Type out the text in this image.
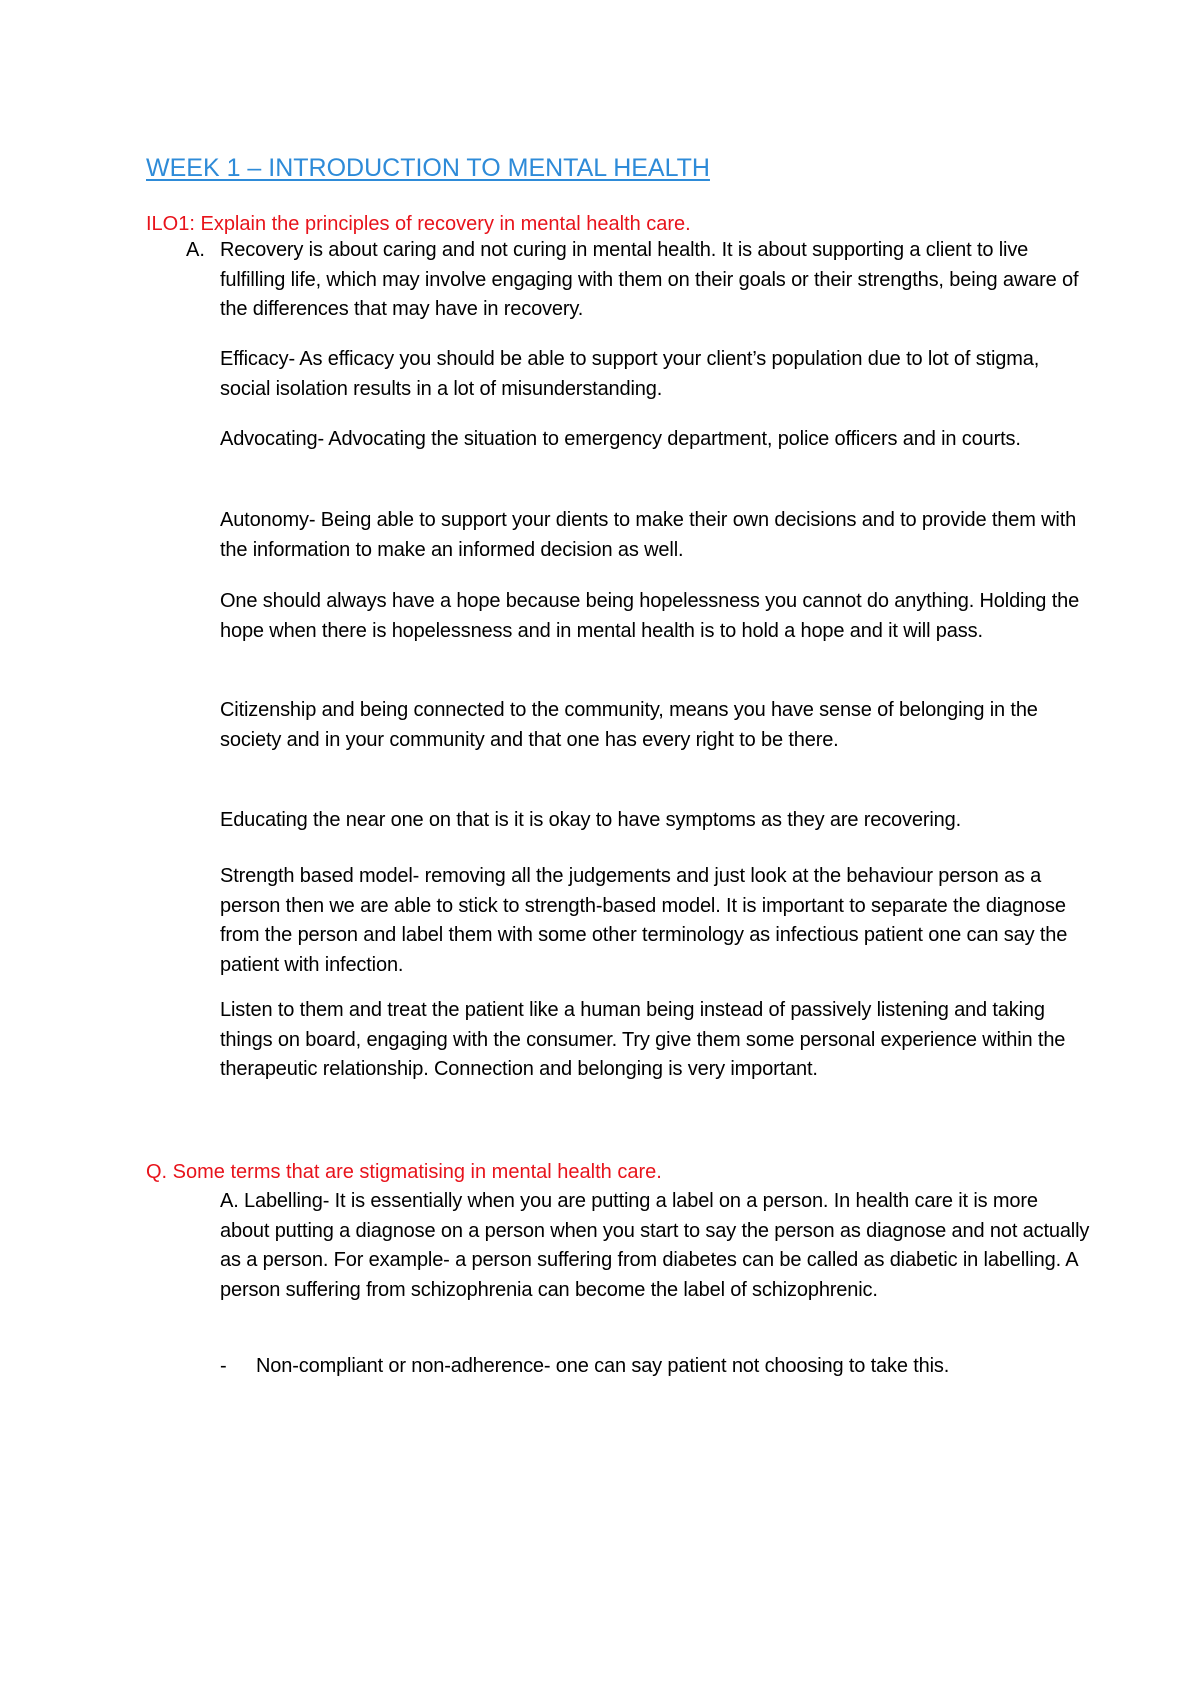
WEEK 1 – INTRODUCTION TO MENTAL HEALTH

ILO1: Explain the principles of recovery in mental health care.

A. Recovery is about caring and not curing in mental health. It is about supporting a client to live fulfilling life, which may involve engaging with them on their goals or their strengths, being aware of the differences that may have in recovery.

Efficacy- As efficacy you should be able to support your client’s population due to lot of stigma, social isolation results in a lot of misunderstanding.

Advocating- Advocating the situation to emergency department, police officers and in courts.

Autonomy- Being able to support your dients to make their own decisions and to provide them with the information to make an informed decision as well.

One should always have a hope because being hopelessness you cannot do anything. Holding the hope when there is hopelessness and in mental health is to hold a hope and it will pass.

Citizenship and being connected to the community, means you have sense of belonging in the society and in your community and that one has every right to be there.

Educating the near one on that is it is okay to have symptoms as they are recovering.

Strength based model- removing all the judgements and just look at the behaviour person as a person then we are able to stick to strength-based model. It is important to separate the diagnose from the person and label them with some other terminology as infectious patient one can say the patient with infection.

Listen to them and treat the patient like a human being instead of passively listening and taking things on board, engaging with the consumer. Try give them some personal experience within the therapeutic relationship. Connection and belonging is very important.

Q. Some terms that are stigmatising in mental health care.

A. Labelling- It is essentially when you are putting a label on a person. In health care it is more about putting a diagnose on a person when you start to say the person as diagnose and not actually as a person. For example- a person suffering from diabetes can be called as diabetic in labelling. A person suffering from schizophrenia can become the label of schizophrenic.

- Non-compliant or non-adherence- one can say patient not choosing to take this.
